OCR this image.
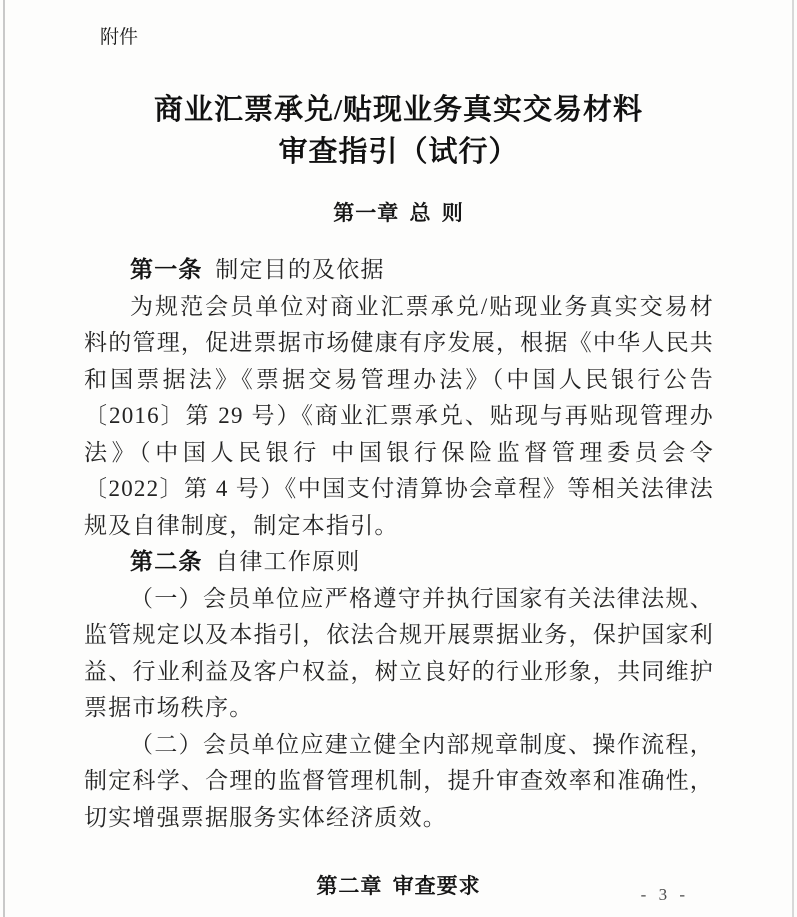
附件
商业汇票承兑/贴现业务真实交易材料
审查指引（试行）
第一章 总 则

第一条 制定目的及依据

为规范会员单位对商业汇票承兑/贴现业务真实交易材料的管理，促进票据市场健康有序发展，根据《中华人民共和国票据法》《票据交易管理办法》（中国人民银行公告〔2016〕第 29 号）《商业汇票承兑、贴现与再贴现管理办法》（中国人民银行 中国银行保险监督管理委员会令〔2022〕第 4 号）《中国支付清算协会章程》等相关法律法规及自律制度，制定本指引。

第二条 自律工作原则

（一）会员单位应严格遵守并执行国家有关法律法规、监管规定以及本指引，依法合规开展票据业务，保护国家利益、行业利益及客户权益，树立良好的行业形象，共同维护票据市场秩序。

（二）会员单位应建立健全内部规章制度、操作流程，制定科学、合理的监督管理机制，提升审查效率和准确性，切实增强票据服务实体经济质效。

第二章 审查要求	- 3 -
